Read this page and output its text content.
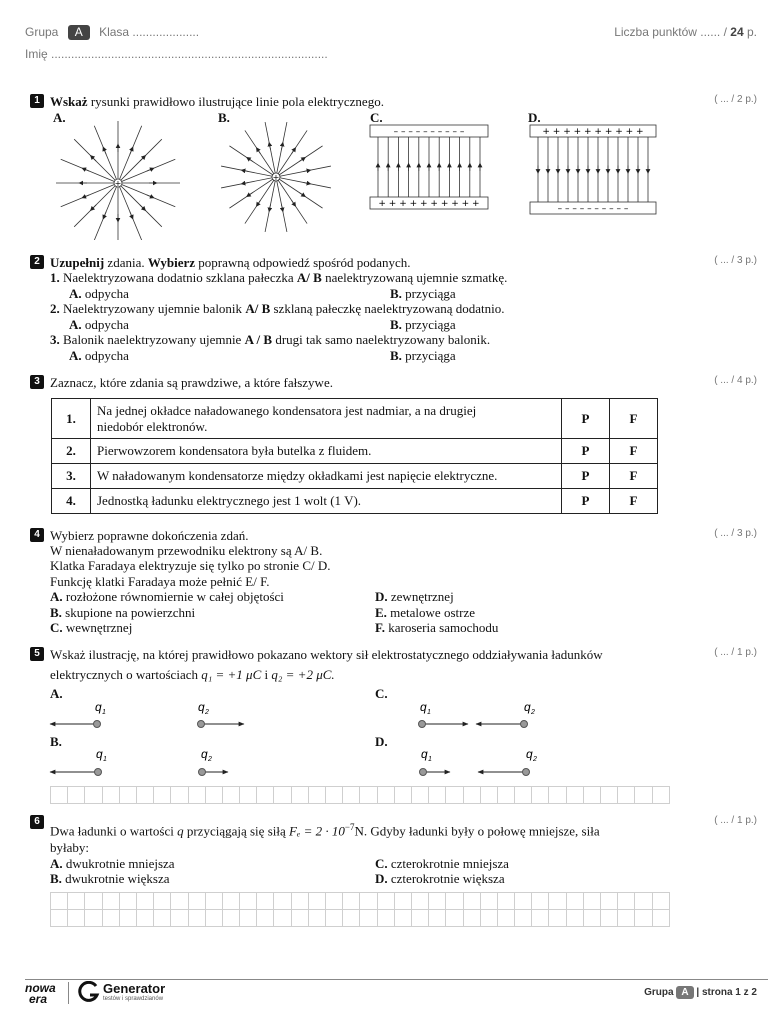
Grupa A Klasa ....................
Imię ...................................................................................
Liczba punktów ...... / 24 p.
1 Wskaż rysunki prawidłowo ilustrujące linie pola elektrycznego.	( ... / 2 p.)
A.	B.	C.	D.
+
+
– – – – – – – – – –
+ + + + + + + + + +
+ + + + + + + + + +
– – – – – – – – – –
2 Uzupełnij zdania. Wybierz poprawną odpowiedź spośród podanych.	( ... / 3 p.)
1. Naelektryzowana dodatnio szklana pałeczka A/ B naelektryzowaną ujemnie szmatkę.
A. odpycha	B. przyciąga
2. Naelektryzowany ujemnie balonik A/ B szklaną pałeczkę naelektryzowaną dodatnio.
A. odpycha	B. przyciąga
3. Balonik naelektryzowany ujemnie A / B drugi tak samo naelektryzowany balonik.
A. odpycha	B. przyciąga
3 Zaznacz, które zdania są prawdziwe, a które fałszywe.	( ... / 4 p.)
1.	Na jednej okładce naładowanego kondensatora jest nadmiar, a na drugiej
niedobór elektronów.	P	F
2.	Pierwowzorem kondensatora była butelka z fluidem.	P	F
3.	W naładowanym kondensatorze między okładkami jest napięcie elektryczne.	P	F
4.	Jednostką ładunku elektrycznego jest 1 wolt (1 V).	P	F
4 Wybierz poprawne dokończenia zdań.	( ... / 3 p.)
W nienaładowanym przewodniku elektrony są A/ B.
Klatka Faradaya elektryzuje się tylko po stronie C/ D.
Funkcję klatki Faradaya może pełnić E/ F.
A. rozłożone równomiernie w całej objętości	D. zewnętrznej
B. skupione na powierzchni	E. metalowe ostrze
C. wewnętrznej	F. karoseria samochodu
5 Wskaż ilustrację, na której prawidłowo pokazano wektory sił elektrostatycznego oddziaływania ładunków	( ... / 1 p.)
elektrycznych o wartościach q₁ = +1 μC i q₂ = +2 μC.
A.	C.
B.	D.
q 1	q 2	q 1	q 2
q 1	q 2	q 1	q 2

6
Dwa ładunki o wartości q przyciągają się siłą $F_e = 2 \cdot 10^{-7}N$. Gdyby ładunki były o połowę mniejsze, siła
( ... / 1 p.)
byłaby:
A. dwukrotnie mniejsza	C. czterokrotnie mniejsza
B. dwukrotnie większa	D. czterokrotnie większa

nowa
era
Generator
testów i sprawdzianów
Grupa A | strona 1 z 2
